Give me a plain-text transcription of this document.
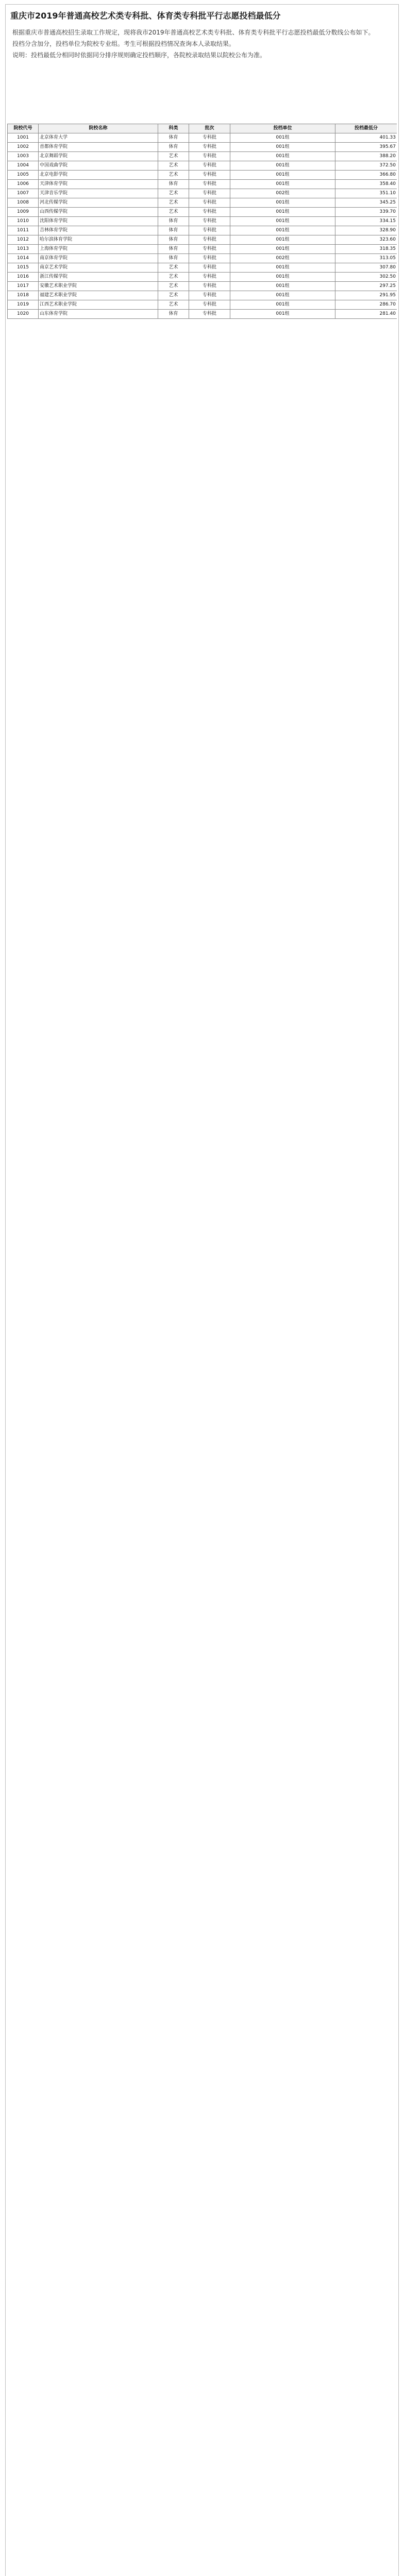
重庆市2019年普通高校艺术类专科批、体育类专科批平行志愿投档最低分
根据重庆市普通高校招生录取工作规定，现将我市2019年普通高校艺术类专科批、体育类专科批平行志愿投档最低分数线公布如下。
投档分含加分，投档单位为院校专业组。考生可根据投档情况查询本人录取结果。
说明：投档最低分相同时依据同分排序规则确定投档顺序，各院校录取结果以院校公布为准。
院校代号	院校名称	科类	批次	投档单位	投档最低分
1001	北京体育大学	体育	专科批	001组	401.33
1002	首都体育学院	体育	专科批	001组	395.67
1003	北京舞蹈学院	艺术	专科批	001组	388.20
1004	中国戏曲学院	艺术	专科批	001组	372.50
1005	北京电影学院	艺术	专科批	001组	366.80
1006	天津体育学院	体育	专科批	001组	358.40
1007	天津音乐学院	艺术	专科批	002组	351.10
1008	河北传媒学院	艺术	专科批	001组	345.25
1009	山西传媒学院	艺术	专科批	001组	339.70
1010	沈阳体育学院	体育	专科批	001组	334.15
1011	吉林体育学院	体育	专科批	001组	328.90
1012	哈尔滨体育学院	体育	专科批	001组	323.60
1013	上海体育学院	体育	专科批	001组	318.35
1014	南京体育学院	体育	专科批	002组	313.05
1015	南京艺术学院	艺术	专科批	001组	307.80
1016	浙江传媒学院	艺术	专科批	001组	302.50
1017	安徽艺术职业学院	艺术	专科批	001组	297.25
1018	福建艺术职业学院	艺术	专科批	001组	291.95
1019	江西艺术职业学院	艺术	专科批	001组	286.70
1020	山东体育学院	体育	专科批	001组	281.40
